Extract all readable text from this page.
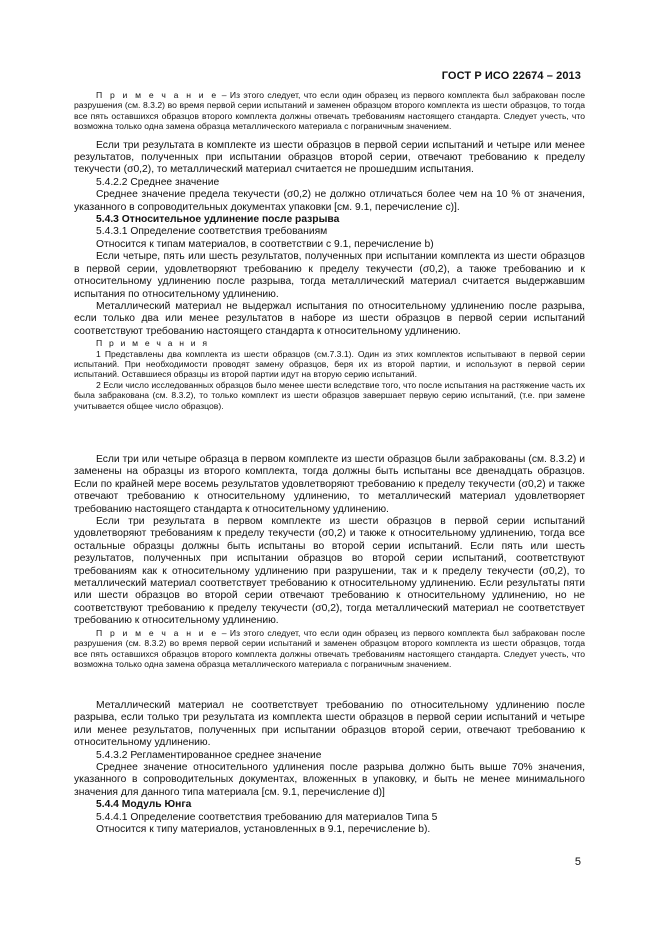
ГОСТ Р ИСО 22674 – 2013

П р и м е ч а н и е – Из этого следует, что если один образец из первого комплекта был забракован после разрушения (см. 8.3.2) во время первой серии испытаний и заменен образцом второго комплекта из шести образцов, то тогда все пять оставшихся образцов второго комплекта должны отвечать требованиям настоящего стандарта. Следует учесть, что возможна только одна замена образца металлического материала с пограничным значением.

Если три результата в комплекте из шести образцов в первой серии испытаний и четыре или менее результатов, полученных при испытании образцов второй серии, отвечают требованию к пределу текучести (σ0,2), то металлический материал считается не прошедшим испытания.

5.4.2.2 Среднее значение

Среднее значение предела текучести (σ0,2) не должно отличаться более чем на 10 % от значения, указанного в сопроводительных документах упаковки [см. 9.1, перечисление с)].

5.4.3 Относительное удлинение после разрыва

5.4.3.1 Определение соответствия требованиям

Относится к типам материалов, в соответствии с 9.1, перечисление b)

Если четыре, пять или шесть результатов, полученных при испытании комплекта из шести образцов в первой серии, удовлетворяют требованию к пределу текучести (σ0,2), а также требованию и к относительному удлинению после разрыва, тогда металлический материал считается выдержавшим испытания по относительному удлинению.

Металлический материал не выдержал испытания по относительному удлинению после разрыва, если только два или менее результатов в наборе из шести образцов в первой серии испытаний соответствуют требованию настоящего стандарта к относительному удлинению.

П р и м е ч а н и я

1 Представлены два комплекта из шести образцов (см.7.3.1). Один из этих комплектов испытывают в первой серии испытаний. При необходимости проводят замену образцов, беря их из второй партии, и используют в первой серии испытаний. Оставшиеся образцы из второй партии идут на вторую серию испытаний.

2 Если число исследованных образцов было менее шести вследствие того, что после испытания на растяжение часть их была забракована (см. 8.3.2), то только комплект из шести образцов завершает первую серию испытаний, (т.е. при замене учитывается общее число образцов).

Если три или четыре образца в первом комплекте из шести образцов были забракованы (см. 8.3.2) и заменены на образцы из второго комплекта, тогда должны быть испытаны все двенадцать образцов. Если по крайней мере восемь результатов удовлетворяют требованию к пределу текучести (σ0,2) и также отвечают требованию к относительному удлинению, то металлический материал удовлетворяет требованию настоящего стандарта к относительному удлинению.

Если три результата в первом комплекте из шести образцов в первой серии испытаний удовлетворяют требованиям к пределу текучести (σ0,2) и также к относительному удлинению, тогда все остальные образцы должны быть испытаны во второй серии испытаний. Если пять или шесть результатов, полученных при испытании образцов во второй серии испытаний, соответствуют требованиям как к относительному удлинению при разрушении, так и к пределу текучести (σ0,2), то металлический материал соответствует требованию к относительному удлинению. Если результаты пяти или шести образцов во второй серии отвечают требованию к относительному удлинению, но не соответствуют требованию к пределу текучести (σ0,2), тогда металлический материал не соответствует требованию к относительному удлинению.

П р и м е ч а н и е – Из этого следует, что если один образец из первого комплекта был забракован после разрушения (см. 8.3.2) во время первой серии испытаний и заменен образцом второго комплекта из шести образцов, тогда все пять оставшихся образцов второго комплекта должны отвечать требованиям настоящего стандарта. Следует учесть, что возможна только одна замена образца металлического материала с пограничным значением.

Металлический материал не соответствует требованию по относительному удлинению после разрыва, если только три результата из комплекта шести образцов в первой серии испытаний и четыре или менее результатов, полученных при испытании образцов второй серии, отвечают требованию к относительному удлинению.

5.4.3.2 Регламентированное среднее значение

Среднее значение относительного удлинения после разрыва должно быть выше 70% значения, указанного в сопроводительных документах, вложенных в упаковку, и быть не менее минимального значения для данного типа материала [см. 9.1, перечисление d)]

5.4.4 Модуль Юнга

5.4.4.1 Определение соответствия требованию для материалов Типа 5

Относится к типу материалов, установленных в 9.1, перечисление b).

5
